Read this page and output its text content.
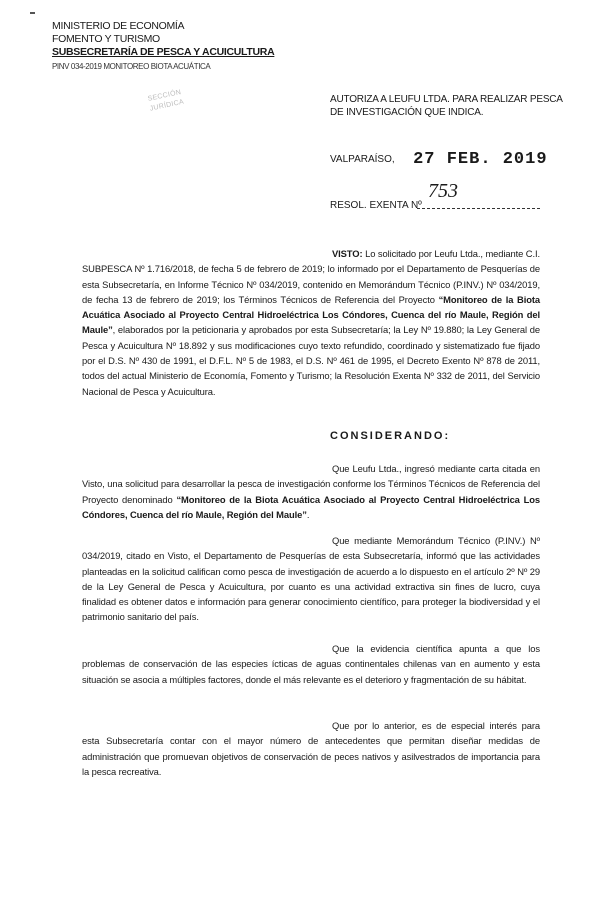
MINISTERIO DE ECONOMÍA
FOMENTO Y TURISMO
SUBSECRETARÍA DE PESCA Y ACUICULTURA
PINV 034-2019 MONITOREO BIOTA ACUÁTICA
SECCIÓN
JURÍDICA	AUTORIZA A LEUFU LTDA. PARA REALIZAR PESCA
DE INVESTIGACIÓN QUE INDICA.
VALPARAÍSO, 27 FEB. 2019
RESOL. EXENTA Nº
753
VISTO: Lo solicitado por Leufu Ltda., mediante C.I. SUBPESCA Nº 1.716/2018, de fecha 5 de febrero de 2019; lo informado por el Departamento de Pesquerías de esta Subsecretaría, en Informe Técnico Nº 034/2019, contenido en Memorándum Técnico (P.INV.) Nº 034/2019, de fecha 13 de febrero de 2019; los Términos Técnicos de Referencia del Proyecto “Monitoreo de la Biota Acuática Asociado al Proyecto Central Hidroeléctrica Los Cóndores, Cuenca del río Maule, Región del Maule”, elaborados por la peticionaria y aprobados por esta Subsecretaría; la Ley Nº 19.880; la Ley General de Pesca y Acuicultura Nº 18.892 y sus modificaciones cuyo texto refundido, coordinado y sistematizado fue fijado por el D.S. Nº 430 de 1991, el D.F.L. Nº 5 de 1983, el D.S. Nº 461 de 1995, el Decreto Exento Nº 878 de 2011, todos del actual Ministerio de Economía, Fomento y Turismo; la Resolución Exenta Nº 332 de 2011, del Servicio Nacional de Pesca y Acuicultura.
CONSIDERANDO:
Que Leufu Ltda., ingresó mediante carta citada en Visto, una solicitud para desarrollar la pesca de investigación conforme los Términos Técnicos de Referencia del Proyecto denominado “Monitoreo de la Biota Acuática Asociado al Proyecto Central Hidroeléctrica Los Cóndores, Cuenca del río Maule, Región del Maule”.
Que mediante Memorándum Técnico (P.INV.) Nº 034/2019, citado en Visto, el Departamento de Pesquerías de esta Subsecretaría, informó que las actividades planteadas en la solicitud califican como pesca de investigación de acuerdo a lo dispuesto en el artículo 2º Nº 29 de la Ley General de Pesca y Acuicultura, por cuanto es una actividad extractiva sin fines de lucro, cuya finalidad es obtener datos e información para generar conocimiento científico, para proteger la biodiversidad y el patrimonio sanitario del país.
Que la evidencia científica apunta a que los problemas de conservación de las especies ícticas de aguas continentales chilenas van en aumento y esta situación se asocia a múltiples factores, donde el más relevante es el deterioro y fragmentación de su hábitat.
Que por lo anterior, es de especial interés para esta Subsecretaría contar con el mayor número de antecedentes que permitan diseñar medidas de administración que promuevan objetivos de conservación de peces nativos y asilvestrados de importancia para la pesca recreativa.
